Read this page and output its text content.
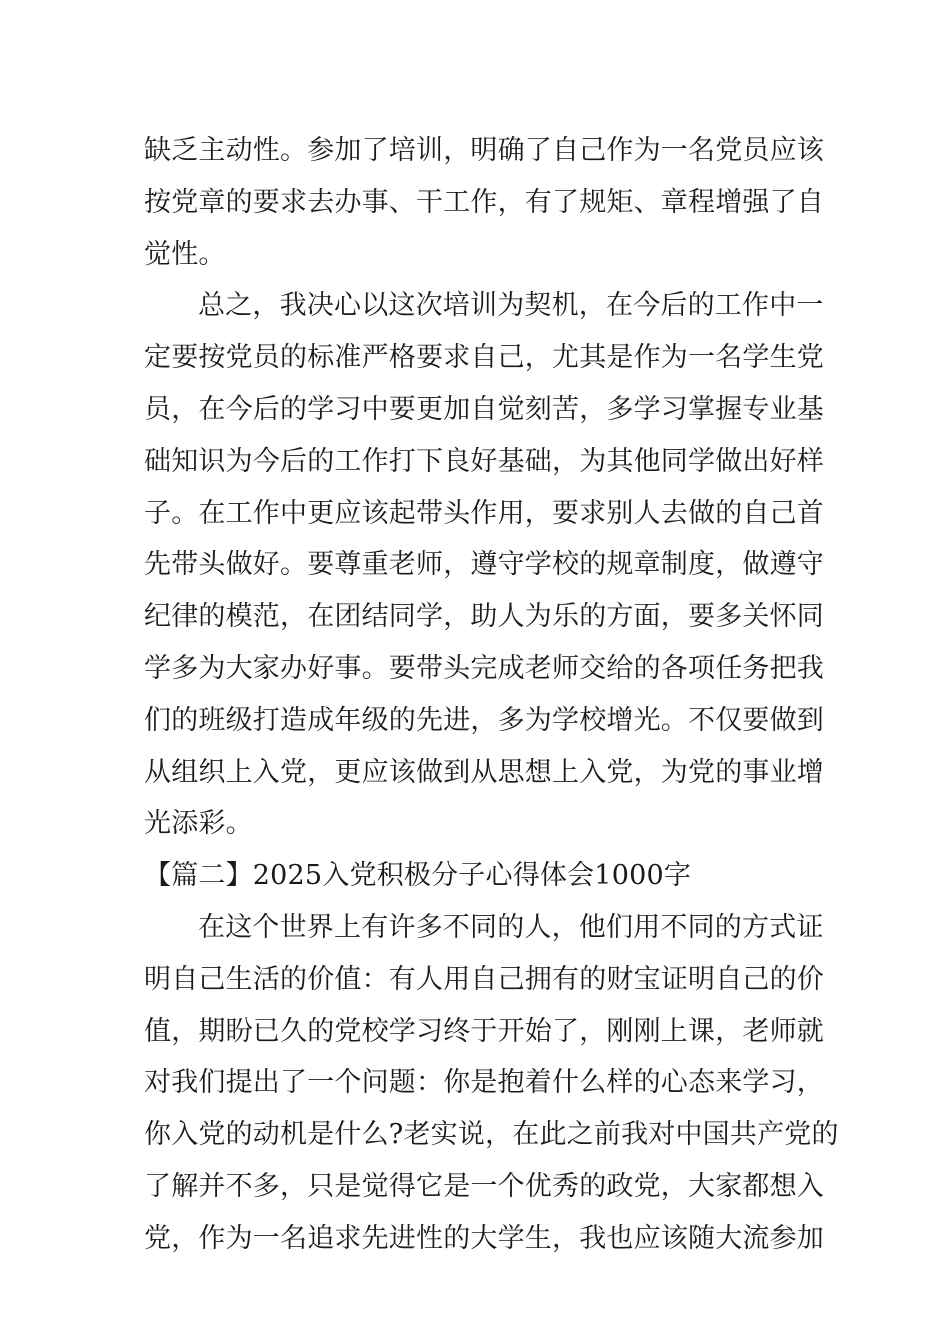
缺乏主动性。参加了培训，明确了自己作为一名党员应该
按党章的要求去办事、干工作，有了规矩、章程增强了自
觉性。
总之，我决心以这次培训为契机，在今后的工作中一
定要按党员的标准严格要求自己，尤其是作为一名学生党
员，在今后的学习中要更加自觉刻苦，多学习掌握专业基
础知识为今后的工作打下良好基础，为其他同学做出好样
子。在工作中更应该起带头作用，要求别人去做的自己首
先带头做好。要尊重老师，遵守学校的规章制度，做遵守
纪律的模范，在团结同学，助人为乐的方面，要多关怀同
学多为大家办好事。要带头完成老师交给的各项任务把我
们的班级打造成年级的先进，多为学校增光。不仅要做到
从组织上入党，更应该做到从思想上入党，为党的事业增
光添彩。
【篇二】2025入党积极分子心得体会1000字
在这个世界上有许多不同的人，他们用不同的方式证
明自己生活的价值：有人用自己拥有的财宝证明自己的价
值，期盼已久的党校学习终于开始了，刚刚上课，老师就
对我们提出了一个问题：你是抱着什么样的心态来学习，
你入党的动机是什么?老实说，在此之前我对中国共产党的
了解并不多，只是觉得它是一个优秀的政党，大家都想入
党，作为一名追求先进性的大学生，我也应该随大流参加
